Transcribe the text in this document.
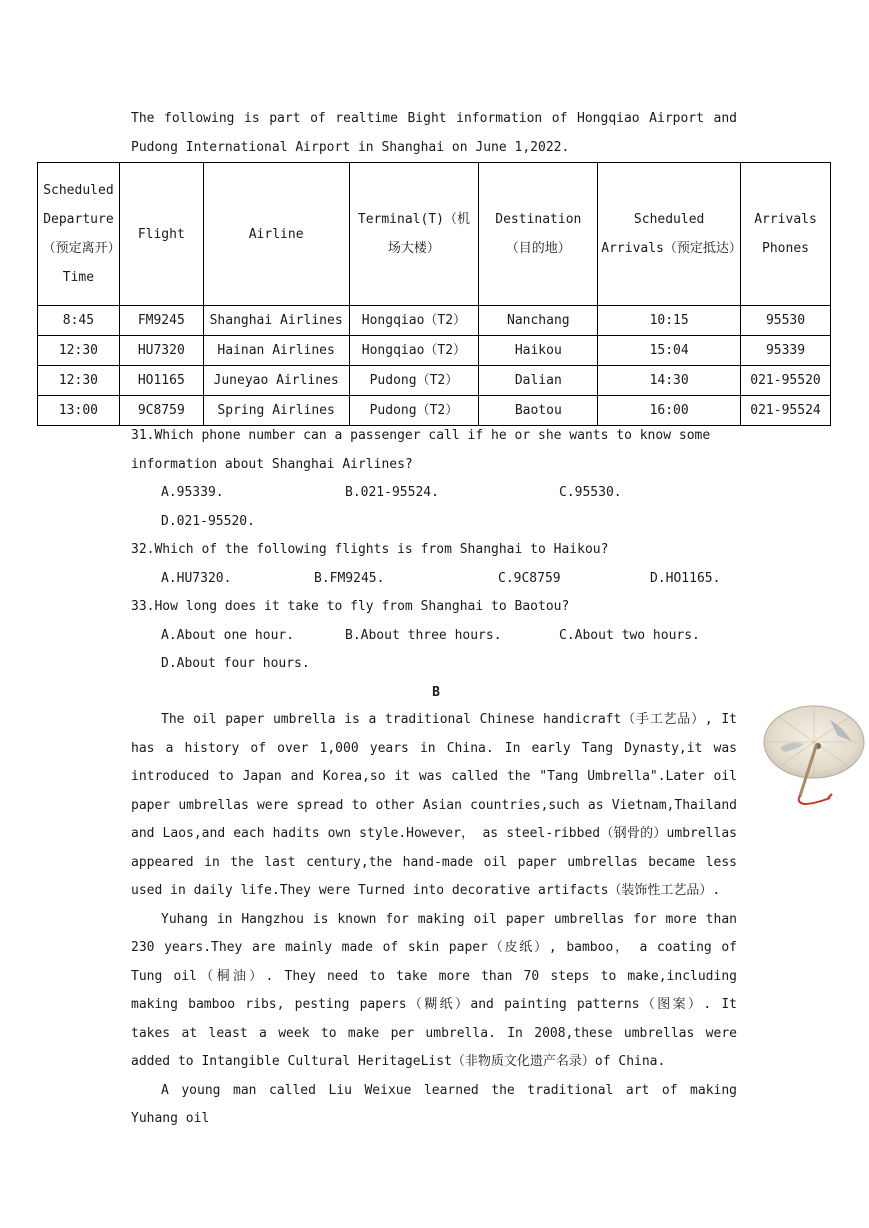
The following is part of realtime Bight information of Hongqiao Airport and Pudong International Airport in Shanghai on June 1,2022.

Scheduled Departure（预定离开）Time	Flight	Airline	Terminal(T)（机场大楼）	Destination（目的地）	Scheduled Arrivals（预定抵达）	Arrivals Phones
8:45	FM9245	Shanghai Airlines	Hongqiao（T2）	Nanchang	10:15	95530
12:30	HU7320	Hainan Airlines	Hongqiao（T2）	Haikou	15:04	95339
12:30	HO1165	Juneyao Airlines	Pudong（T2）	Dalian	14:30	021-95520
13:00	9C8759	Spring Airlines	Pudong（T2）	Baotou	16:00	021-95524

31.Which phone number can a passenger call if he or she wants to know some information about Shanghai Airlines?

A.95339.	B.021-95524.	C.95530.
D.021-95520.

32.Which of the following flights is from Shanghai to Haikou?

A.HU7320.	B.FM9245.	C.9C8759	D.HO1165.

33.How long does it take to fly from Shanghai to Baotou?

A.About one hour.	B.About three hours.	C.About two hours.
D.About four hours.

B

The oil paper umbrella is a traditional Chinese handicraft（手工艺品）, It has a history of over 1,000 years in China. In early Tang Dynasty,it was introduced to Japan and Korea,so it was called the "Tang Umbrella".Later oil paper umbrellas were spread to other Asian countries,such as Vietnam,Thailand and Laos,and each hadits own style.However， as steel-ribbed（钢骨的）umbrellas appeared in the last century,the hand-made oil paper umbrellas became less used in daily life.They were Turned into decorative artifacts（装饰性工艺品）.

Yuhang in Hangzhou is known for making oil paper umbrellas for more than 230 years.They are mainly made of skin paper（皮纸）, bamboo， a coating of Tung oil（桐油）. They need to take more than 70 steps to make,including making bamboo ribs, pesting papers（糊纸）and painting patterns（图案）. It takes at least a week to make per umbrella. In 2008,these umbrellas were added to Intangible Cultural HeritageList（非物质文化遗产名录）of China.

A young man called Liu Weixue learned the traditional art of making Yuhang oil
